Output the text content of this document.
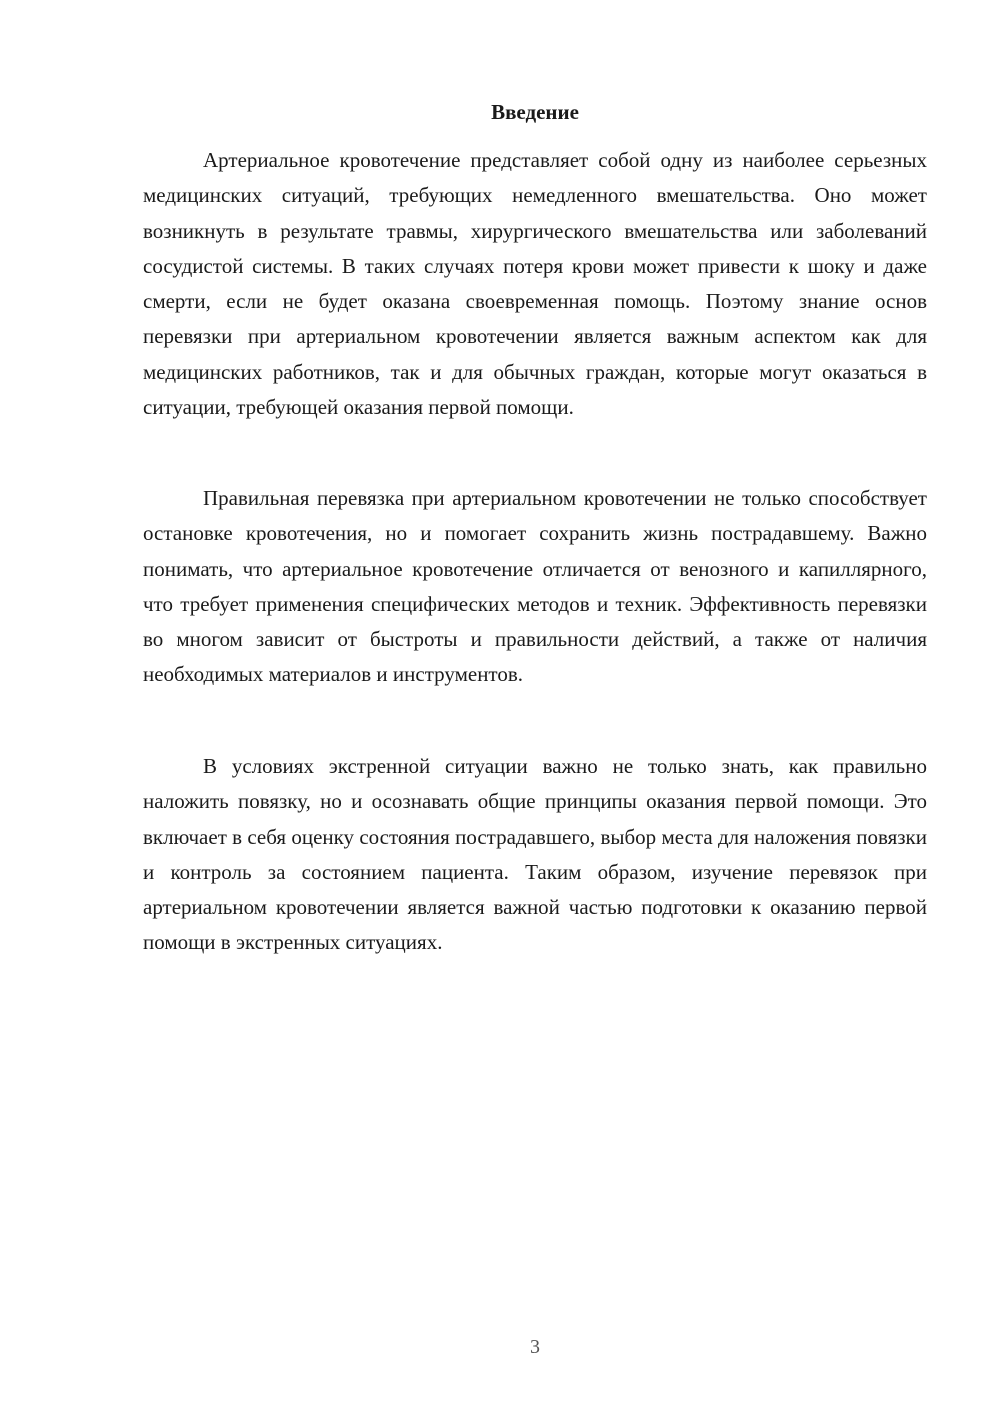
Введение

Артериальное кровотечение представляет собой одну из наиболее серьезных медицинских ситуаций, требующих немедленного вмешательства. Оно может возникнуть в результате травмы, хирургического вмешательства или заболеваний сосудистой системы. В таких случаях потеря крови может привести к шоку и даже смерти, если не будет оказана своевременная помощь. Поэтому знание основ перевязки при артериальном кровотечении является важным аспектом как для медицинских работников, так и для обычных граждан, которые могут оказаться в ситуации, требующей оказания первой помощи.

Правильная перевязка при артериальном кровотечении не только способствует остановке кровотечения, но и помогает сохранить жизнь пострадавшему. Важно понимать, что артериальное кровотечение отличается от венозного и капиллярного, что требует применения специфических методов и техник. Эффективность перевязки во многом зависит от быстроты и правильности действий, а также от наличия необходимых материалов и инструментов.

В условиях экстренной ситуации важно не только знать, как правильно наложить повязку, но и осознавать общие принципы оказания первой помощи. Это включает в себя оценку состояния пострадавшего, выбор места для наложения повязки и контроль за состоянием пациента. Таким образом, изучение перевязок при артериальном кровотечении является важной частью подготовки к оказанию первой помощи в экстренных ситуациях.

3
